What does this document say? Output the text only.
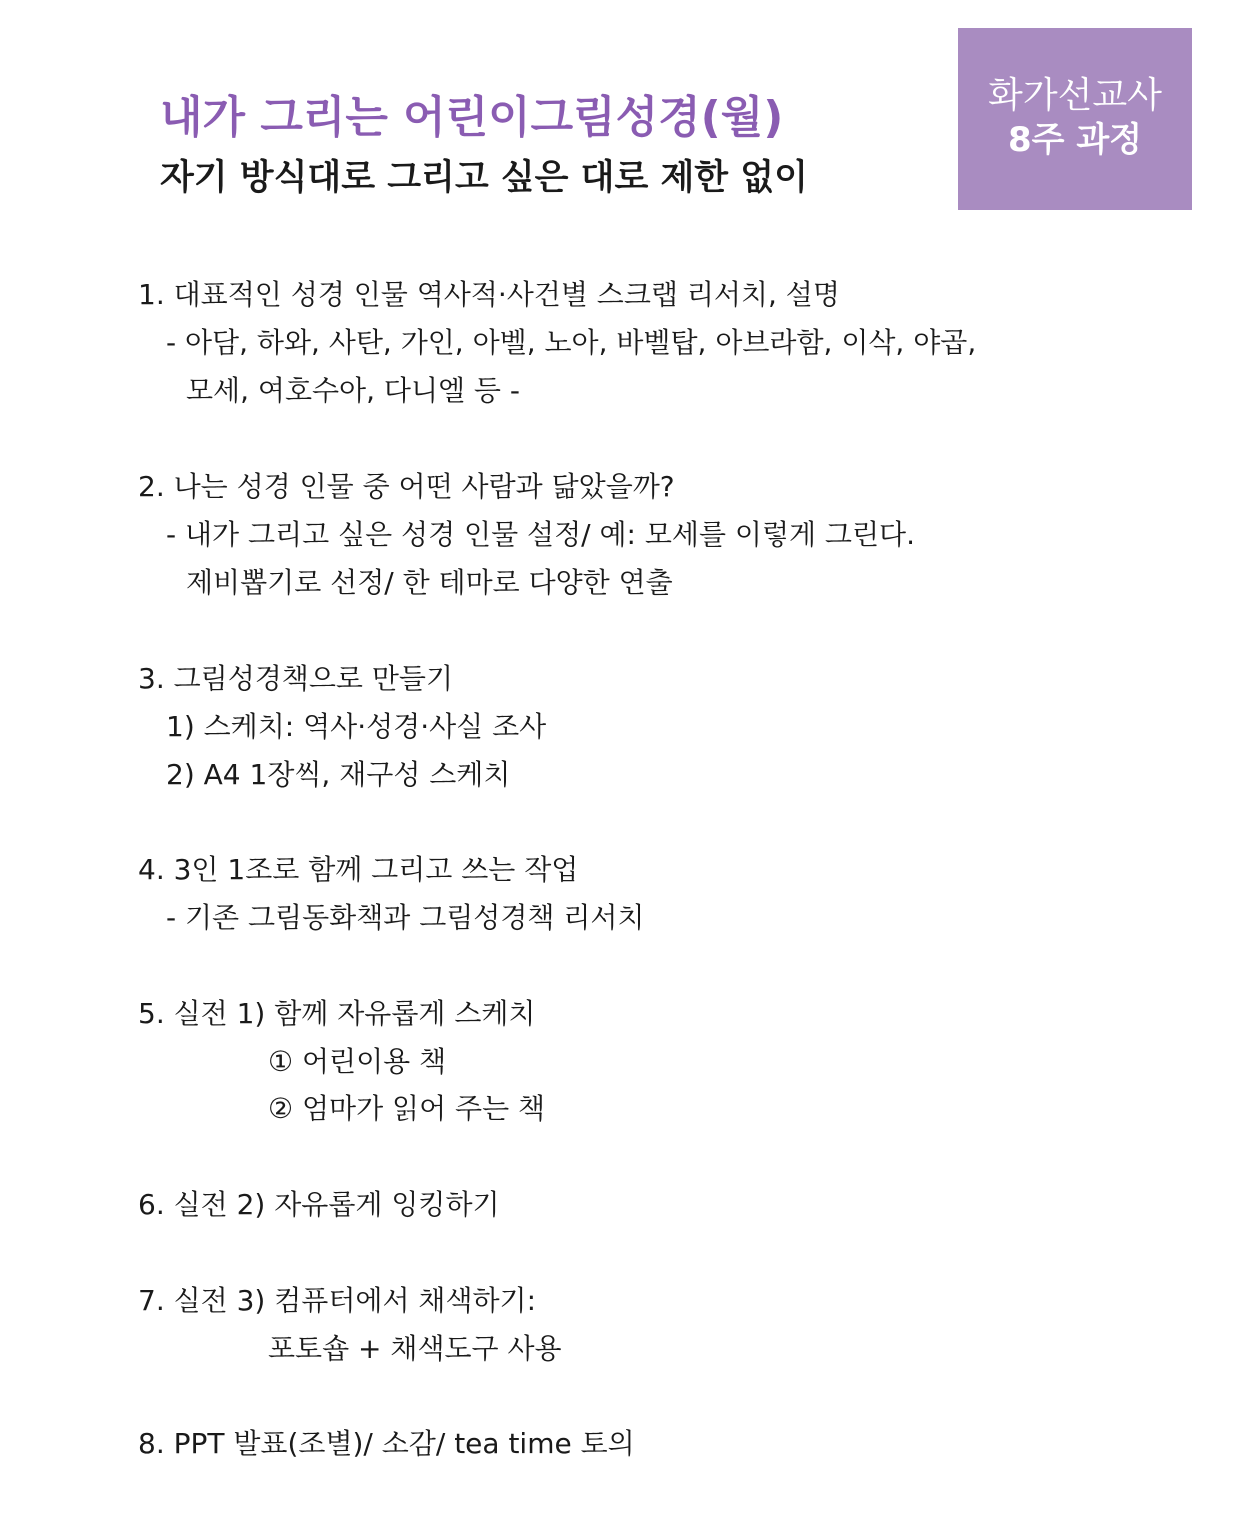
화가선교사
8주 과정
내가 그리는 어린이그림성경(월)
자기 방식대로 그리고 싶은 대로 제한 없이

1. 대표적인 성경 인물 역사적·사건별 스크랩 리서치, 설명

- 아담, 하와, 사탄, 가인, 아벨, 노아, 바벨탑, 아브라함, 이삭, 야곱,

모세, 여호수아, 다니엘 등 -

2. 나는 성경 인물 중 어떤 사람과 닮았을까?

- 내가 그리고 싶은 성경 인물 설정/ 예: 모세를 이렇게 그린다.

제비뽑기로 선정/ 한 테마로 다양한 연출

3. 그림성경책으로 만들기

1) 스케치: 역사·성경·사실 조사

2) A4 1장씩, 재구성 스케치

4. 3인 1조로 함께 그리고 쓰는 작업

- 기존 그림동화책과 그림성경책 리서치

5. 실전 1) 함께 자유롭게 스케치

① 어린이용 책

② 엄마가 읽어 주는 책

6. 실전 2) 자유롭게 잉킹하기

7. 실전 3) 컴퓨터에서 채색하기:

포토숍 + 채색도구 사용

8. PPT 발표(조별)/ 소감/ tea time 토의
